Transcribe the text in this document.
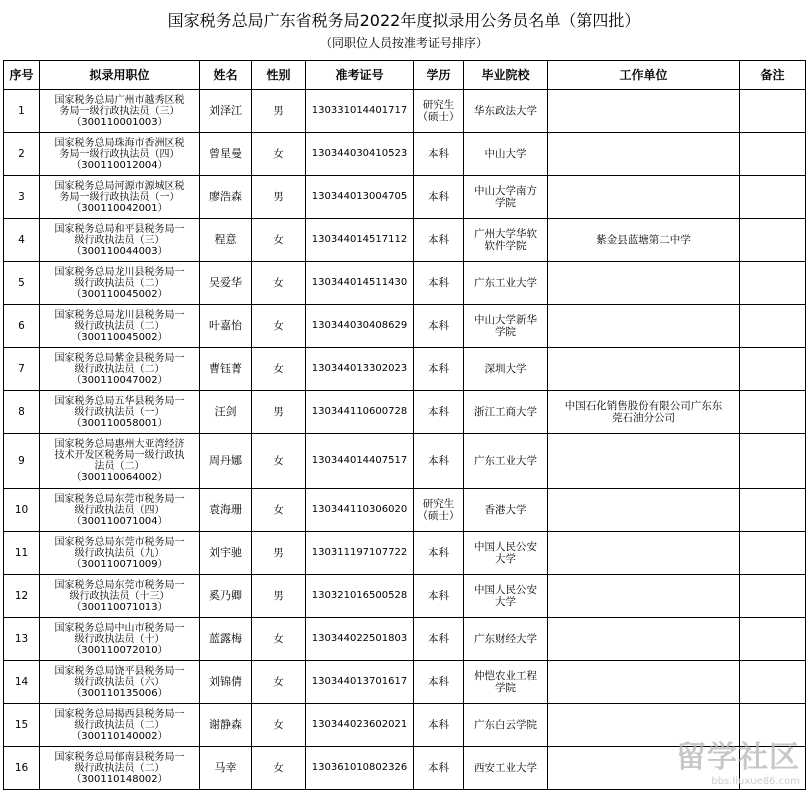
国家税务总局广东省税务局2022年度拟录用公务员名单（第四批）
（同职位人员按准考证号排序）
序号	拟录用职位	姓名	性别	准考证号	学历	毕业院校	工作单位	备注
1	国家税务总局广州市越秀区税
务局一级行政执法员（三）
（300110001003）	刘泽江	男	130331014401717	研究生
（硕士）	华东政法大学		
2	国家税务总局珠海市香洲区税
务局一级行政执法员（四）
（300110012004）	曾星曼	女	130344030410523	本科	中山大学		
3	国家税务总局河源市源城区税
务局一级行政执法员（一）
（300110042001）	廖浩森	男	130344013004705	本科	中山大学南方
学院		
4	国家税务总局和平县税务局一
级行政执法员（三）
（300110044003）	程意	女	130344014517112	本科	广州大学华软
软件学院	紫金县蓝塘第二中学	
5	国家税务总局龙川县税务局一
级行政执法员（二）
（300110045002）	吴爱华	女	130344014511430	本科	广东工业大学		
6	国家税务总局龙川县税务局一
级行政执法员（二）
（300110045002）	叶嘉怡	女	130344030408629	本科	中山大学新华
学院		
7	国家税务总局紫金县税务局一
级行政执法员（二）
（300110047002）	曹钰菁	女	130344013302023	本科	深圳大学		
8	国家税务总局五华县税务局一
级行政执法员（一）
（300110058001）	汪剑	男	130344110600728	本科	浙江工商大学	中国石化销售股份有限公司广东东
莞石油分公司	
9	国家税务总局惠州大亚湾经济
技术开发区税务局一级行政执
法员（二）
（300110064002）	周丹娜	女	130344014407517	本科	广东工业大学		
10	国家税务总局东莞市税务局一
级行政执法员（四）
（300110071004）	袁海珊	女	130344110306020	研究生
（硕士）	香港大学		
11	国家税务总局东莞市税务局一
级行政执法员（九）
（300110071009）	刘宇驰	男	130311197107722	本科	中国人民公安
大学		
12	国家税务总局东莞市税务局一
级行政执法员（十三）
（300110071013）	奚乃卿	男	130321016500528	本科	中国人民公安
大学		
13	国家税务总局中山市税务局一
级行政执法员（十）
（300110072010）	蓝露梅	女	130344022501803	本科	广东财经大学		
14	国家税务总局饶平县税务局一
级行政执法员（六）
（300110135006）	刘锦倩	女	130344013701617	本科	仲恺农业工程
学院		
15	国家税务总局揭西县税务局一
级行政执法员（二）
（300110140002）	谢静森	女	130344023602021	本科	广东白云学院		
16	国家税务总局郁南县税务局一
级行政执法员（二）
（300110148002）	马幸	女	130361010802326	本科	西安工业大学			留学社区
bbs.liuxue86.com
